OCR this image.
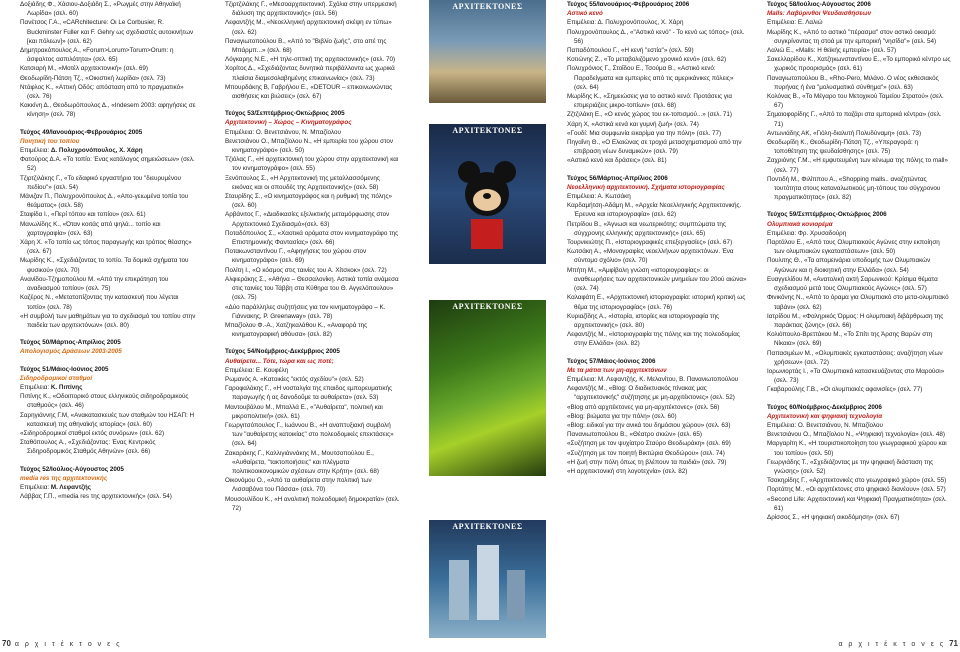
Δοξιάδης Φ., Χάσιου-Δοξιάδη Σ., «Ρωγμές στην Αθηναϊκή Λωρίδα» (σελ. 60)

Πανέτσος Γ.Α., «CARchitecture: Οι Le Corbusier, R. Buckminster Fuller και F. Gehry ως σχεδιαστές αυτοκινήτων [και πόλεων]» (σελ. 62)

Δημητρακόπουλος Α., «Forum>Lorum>Torum>Orum: η άσφαλτος ασπιλότητα» (σελ. 65)

Κατσιαρή Μ., «Μοτέλ αρχιτεκτονική» (σελ. 69)

Θεοδωρίδη-Πάτση Τζ., «Οικιστική λωρίδα» (σελ. 73)

Ντάφλος Κ., «Αττική Οδός: απόσταση από το πραγματικό» (σελ. 76)

Κακκίνη Δ., Θεοδωρόπουλος Δ., «Indesem 2003: αφηγήσεις σε κίνηση» (σελ. 78)

Τεύχος 49/Ιανουάριος-Φεβρουάριος 2005
Ποιητική του τοπίου

Επιμέλεια: Δ. Πολυχρονόπουλος, Χ. Χάρη

Φατούρος Δ.Α. «Το τοπίο: Ένας κατάλογος σημειώσεων» (σελ. 52)

Τζιρτζιλάκης Γ., «Το εδαφικό εργαστήριο του "διευρυμένου πεδίου"» (σελ. 54)

Μάνιζαν Π., Πολυχρονόπουλος Δ., «Απο-γειωμένα τοπία του θεάματος» (σελ. 58)

Σταφίδα Ι., «Περί τόπου και τοπίου» (σελ. 61)

Μανωλίδης Κ., «Όταν κοιτάς από ψηλά... τοπίο και χαρτογραφία» (σελ. 63)

Χάρη Χ. «Το τοπίο ως τόπος παραγωγής και τρόπος θέασης» (σελ. 67)

Μωρίδης Κ., «Σχεδιάζοντας το τοπίο. Τα δομικά σχήματα του φυσικού» (σελ. 70)

Ανανίδου-Τζημοπούλου Μ. «Από την επικράτηση του αναδιασμού τοπίου» (σελ. 75)

Καζέρος Ν., «Μετατοπίζοντας την κατασκευή που λέγεται τοπίο» (σελ. 78)

«Η συμβολή των μαθημάτων για το σχεδιασμό του τοπίου στην παιδεία των αρχιτεκτόνων» (σελ. 80)

Τεύχος 50/Μάρτιος-Απρίλιος 2005
Απολογισμός Δράσεων 2003-2005
Τεύχος 51/Μάιος-Ιούνιος 2005
Σιδηροδρομικοί σταθμοί

Επιμέλεια: Κ. Πιπίνης

Πιπίνης Κ., «Οδοιπορικό στους ελληνικούς σιδηροδρομικούς σταθμούς» (σελ. 46)

Σαρηγιάννης Γ.Μ, «Ανακατασκευές των σταθμών του ΗΣΑΠ: Η κατασκευή της αθηναϊκής ιστορίας» (σελ. 60)

«Σιδηροδρομικοί σταθμοί εκτός συνόρων» (σελ. 62)

Σταθόπουλος Α., «Σχεδιάζοντας: Ένας Κεντρικός Σιδηροδρομικός Σταθμός Αθηνών» (σελ. 66)

Τεύχος 52/Ιούλιος-Αύγουστος 2005
media res της αρχιτεκτονικής

Επιμέλεια: Μ. Λεφαντζής

Λάββας Γ.Π., «media res της αρχιτεκτονικής» (σελ. 54)

Τζιρτζιλάκης Γ., «Μεσοαρχιτεκτονική. Σχόλια στην υπερμεσική διάλυση της αρχιτεκτονικής» (σελ. 56)

Λεφαντζής Μ., «Νεοελληνική αρχιτεκτονική σκέψη εν τύπω» (σελ. 62)

Παναγιωτοπούλου Β., «Από το "Βιβλίο ζωής", στο απέ της Μπάρμπ...» (σελ. 68)

Λόγκαρης Ν.Ε., «Η τηλε-οπτική της αρχιτεκτονικής» (σελ. 70)

Χορίτος Δ., «Σχεδιάζοντας δυνητικά περιβάλλοντα ως χωρικά πλαίσια διαμεσολαβημένης επικοινωνίας» (σελ. 73)

Μπουρδάκης Β, Γαβρήλου Ε., «DETOUR – επικοινωνώντας αισθήσεις και βιώσεις» (σελ. 67)

Τεύχος 53/Σεπτέμβριος-Οκτώβριος 2005
Αρχιτεκτονική – Χώρος – Κινηματογράφος

Επιμέλεια: Ο. Βενετσιάνου, Ν. Μπαζίολου

Βενετσιάνου Ο., Μπαζίολου Ν., «Η εμπειρία του χώρου στον κινηματογράφο» (σελ. 50)

Τζιόλας Γ., «Η αρχιτεκτονική του χώρου στην αρχιτεκτονική και τον κινηματογράφο» (σελ. 55)

Ξενόπουλος Σ., «Η Αρχιτεκτονική της μεταλλασσόμενης εικόνας και οι σπουδές της Αρχιτεκτονικής» (σελ. 58)

Σταυρίδης Σ., «Ο κινηματογράφος και η ρυθμική της πόλης» (σελ. 60)

Αρβάνιτος Γ., «Διαδικασίες εξελικτικής μεταμόρφωσης στον Αρχιτεκτονικό Σχεδιασμό»(σελ. 63)

Ποταδόπουλος Σ., «Χαοτικά ορόματα στον κινηματογράφο της Επιστημονικής Φαντασίας» (σελ. 66)

Ποτακωνσταντίνου Γ., «Αφηγήσεις του χώρου στον κινηματογράφο» (σελ. 69)

Πολίτη Ι., «Ο κόσμος στις ταινίες του Α. Χίτσκοκ» (σελ. 72)

Αλφιεράκης Σ., «Αθήνα – Θεσσαλονίκη. Αστικά τοπία ανάμεσα στις ταινίες του Τάββη στα Κύθηρα του Θ. Αγγελόπουλου» (σελ. 75)

«Δύο παράλληλες συζητήσεις για τον κινηματογράφο – Κ. Γιάννακης, P. Greenaway» (σελ. 78)

Μπαζίολου Φ.-Α., Χατζηκαλάθου Κ., «Αναφορά της κινηματογραφική αθόυσα» (σελ. 82)

Τεύχος 54/Νοέμβριος-Δεκέμβριος 2005
Αυθαίρετα... Τότε, τώρα και ως ποτέ;

Επιμέλεια: Ε. Κουφέλη

Ρωμανός Α. «Κατοικίες "εκτός σχεδίου"» (σελ. 52)

Γαροφαλάκης Γ., «Η νοσταλγία της επαιδος εμπορευματικής παραγωγής ή ας δανοδοΰμε τα αυθαίρετα» (σελ. 53)

Μαντουβάλου Μ., Μπαλλά Ε., «"Αυθαίρετα", πολιτική και μικροπολιτική» (σελ. 61)

Γεωργιτσόπουλος Γ., Ιωάννου Β., «Η αναπτυξιακή συμβολή των "αυθαίρετης κατοικίας" στο πολεοδομικές επεκτάσεις» (σελ. 64)

Ζακαράκης Γ., Καλλιγιάννάκης Μ., Μουτσοπούλου Ε., «Αυθαίρετα, "τακτοποιήσεις" και πλέγματα πολιτικοοικονομικών σχέσεων στην Κρήτη» (σελ. 68)

Οικονόμου Ο., «Από τα αυθαίρετα στην πολιτική των Λισσαβόνα του Πάσσα» (σελ. 70)

Μουσουλίδου Κ., «Η ανολιτική πολεοδομική δημοκρατία» (σελ. 72)

ΑΡΧΙΤΕΚΤΟΝΕΣ
ΑΡΧΙΤΕΚΤΟΝΕΣ
ΑΡΧΙΤΕΚΤΟΝΕΣ
ΑΡΧΙΤΕΚΤΟΝΕΣ
Τεύχος 55/Ιανουάριος-Φεβρουάριος 2006
Αστικό κενό

Επιμέλεια: Δ. Πολυχρονόπουλος, Χ. Χάρη

Πολυχρονόπουλος Δ., «"Αστικό κενό" - Το κενό ως τόπος» (σελ. 56)

Παπαδόπουλου Γ., «Η κενή "εστία"» (σελ. 59)

Κοτιώνης Ζ., «Το μεταβολιζόμενο χρονικό κενό» (σελ. 62)

Πολυχρόνιος Γ., Στοΐδου Ε., Τσούμα Β., «Αστικό κενό: Παραδείγματα και εμπειρίες από τις αμερικάνικες πόλεις» (σελ. 64)

Μωρίδης Κ., «Σημειώσεις για το αστικό κενό: Προτάσεις για επιμεριάζεις μικρο-τοπίων» (σελ. 68)

Ζζτζιλάκη Ε., «Ο κενός χώρος του εκ-τοπισμού...» (σελ. 71)

Χάρη Χ, «Αστικά κενά και γυμνή ζωή» (σελ. 74)

«Γουδί: Μια συμφωνία εικαρίμα για την πόλη» (σελ. 77)

Πηγαΐνη Θ., «Ο Ελαιώνας σε τροχιά μετασχηματισμού από την επιβραση νέων δυναμικών» (σελ. 79)

«Αστικό κενό και δράσεις» (σελ. 81)

Τεύχος 56/Μάρτιος-Απρίλιος 2006
Νεοελληνική αρχιτεκτονική. Σχήματα ιστοριογραφίας

Επιμέλεια: Α. Κωτσάκη

Καρδαμήτση-Αδάμη Μ., «Αρχεία Νεοελληνικής Αρχιτεκτονικής. Έρευνα και ιστοριογραφία» (σελ. 62)

Πετρίδου Β., «Άγνωσι και νεωτερικότης: συμπτώματα της σύγχρονης ελληνικής αρχιτεκτονικής» (σελ. 65)

Τουρνικιώτης Π., «Ιστοριογραφικές επεξεργασίες» (σελ. 67)

Κωτσάκη Α., «Μονογραφίες νεοελλήνων αρχιτεκτόνων. Ένα σύντομο σχόλιο» (σελ. 70)

Μπήτη Μ., «Αμφίβολη γνώση «ιστοριογραφίας»: οι αναθεωρήσεις των αρχιτεκτονικών μνημείων του 20ού αιώνα» (σελ. 74)

Καλαφάτη Ε., «Αρχιτεκτονική ιστοριογραφία: ιστορική κριτική ως θέμα της ιστοριογραφίας» (σελ. 76)

Κυριαζίδης Α., «Ιστορία, ιστορίες και ιστοριογραφία της αρχιτεκτονικής» (σελ. 80)

Λεφαντζής Μ., «Ιστοριογραφία της πόλης και της πολεοδομίας στην Ελλάδα» (σελ. 82)

Τεύχος 57/Μάιος-Ιούνιος 2006
Με τα μάτια των μη-αρχιτεκτόνων

Επιμέλεια: Μ. Λεφαντζής, Κ. Μελανίτου, Β. Πανανιωτοπούλου

Λεφαντζής Μ., «Blog: Ο διαδικτυακός πίνακας μας "αρχιτεκτονικής" συζήτησης με μη-αρχιτέκτονες» (σελ. 52)

«Blog από αρχιτέκτονες για μη-αρχιτέκτονες» (σελ. 56)

«Blog: βιώματα για την πόλη» (σελ. 60)

«Blog: ειδικοί για την ανικά του δημόσιου χώρου» (σελ. 63)

Πανανιωτοπούλου Β., «Θέατρο σκιών» (σελ. 65)

«Συζήτηση με τον ψυχίατρο Σταύρο Θεοδωράκη» (σελ. 69)

«Συζήτηση με τον ποιητή Βικτώρια Θεοδώρου» (σελ. 74)

«Η ζωή στην πόλη όπως τη βλέπουν τα παιδιά» (σελ. 79)

«Η αρχιτεκτονική στη λογοτεχνία» (σελ. 82)

Τεύχος 58/Ιούλιος-Αύγουστος 2006
Malls: Λαβύρινθοι Ψευδαισθήσεων

Επιμέλεια: Ε. Λαλιώ

Μωρίδης Κ., «Από το αστικό "πέρασμα" στον αστικό οικισμό: συγκρίνοντας τη στοά με την εμπορική "νησίδα"» (σελ. 54)

Λαλιώ Ε., «Malls: Η θεϊκής εμπειρία» (σελ. 57)

Σακελλαρίδου Κ., Χατζηκωνσταντίνου Ε., «Το εμπορικό κέντρο ως χωρικός προορισμός» (σελ. 61)

Παναγιωτοπούλου Β., «Rho-Pero, Μιλάνο. Ο νέος εκθεσιακός πυρήνας ή ένα "μολυσματικό σύνθημα"» (σελ. 63)

Κολόνας Β., «Το Μέγαρο του Μετοχικού Ταμείου Στρατού» (σελ. 67)

Σημαιοφορίδης Γ., «Από το παζάρι στα εμπορικά κέντρα» (σελ. 71)

Αντωνιάδης ΑΚ, «Γιόλη-διαλυτή Πολυδύναμη» (σελ. 73)

Θεοδωρίδη Κ., Θεοδωρίδη-Πάτση Τζ., «Υπεραγορά: η τοποθέτηση της ψευδαίσθησης» (σελ. 75)

Ζαχριόνης Γ.Μ., «Η εμφυτευμένη των κένωμα της πόλης το mall» (σελ. 77)

Ποντιδή Μ., Φιλίππου Α., «Shopping malls.. αναζητώντας τουτότητα στους καταναλωτικούς μη-τόπους του σύγχρονου πραγματικότητας» (σελ. 82)

Τεύχος 59/Σεπτέμβριος-Οκτώβριος 2006
Ολυμπιακά κονιορέμα

Επιμέλεια: Φρ. Χρυσαδούρη

Παρτάλου Ε., «Από τους Ολυμπιακούς Αγώνες στην εκποίηση των ολυμπιακών εγκαταστάσεων» (σελ. 50)

Πουλιτης Θ., «Τα απομεινάρια υποδομής των Ολυμπιακών Αγώνων και η διοικητική στην Ελλάδα» (σελ. 54)

Ευαγγελίδου Μ, «Ανατολική ακτή Σαρωνικού: Κρίσιμα θέματα σχεδιασμού μετά τους Ολυμπιακούς Αγώνες» (σελ. 57)

Φινικόνης Ν., «Από το όραμα για Ολυμπιακό στο μετα-ολυμπιακό ταβάνι» (σελ. 62)

Ιατρίδου Μ., «Φαληρικός Όρμος: Η ολυμπιακή διβάρθρωση της παράκτιας ζώνης» (σελ. 66)

Κολιόπουλο-Βρεττάκου Μ., «Το Σπίτι της Άρσης Βαρών στη Νίκαια» (σελ. 69)

Παπασιμέων Μ., «Ολυμπιακές εγκαταστάσεις: αναζήτηση νέων χρήσεων» (σελ. 72)

Ιορωνιορτάς Ι., «Τα Ολυμπιακά κατασκευάζοντας στο Μαρούσι» (σελ. 73)

Γκαβαρούλης Γ.Β., «Οι ολυμπιακές αφανισίες» (σελ. 77)

Τεύχος 60/Νοέμβριος-Δεκέμβριος 2006
Αρχιτεκτονική και ψηφιακή τεχνολογία

Επιμέλεια: Ο. Βενετσιάνου, Ν. Μπαζίολου

Βενετσιάνου Ο., Μπαζίολου Ν., «Ψηφιακή τεχνολογία» (σελ. 48)

Μαργαρίτη Κ., «Η τουριστικοποίηση του γεωγραφικού χώρου και του τοπίου» (σελ. 50)

Γεωργιάδης Τ., «Σχεδιάζοντας με την ψηφιακή διάσταση της γνώσης» (σελ. 52)

Τσακηρίδης Γ., «Αρχιτεκτονικές στο γεωγραφικό χώρο» (σελ. 55)

Πορτάτης Μ., «Οι αρχιτέκτονες στο ψηφιακό διανέουν» (σελ. 57)

«Second Life: Αρχιτεκτονική και Ψηφιακή Πραγματικότητα» (σελ. 61)

Δρίσσος Σ., «Η ψηφιακή οικοδόμηση» (σελ. 67)

70 α ρ χ ι τ έ κ τ ο ν ε ς	α ρ χ ι τ έ κ τ ο ν ε ς 71
